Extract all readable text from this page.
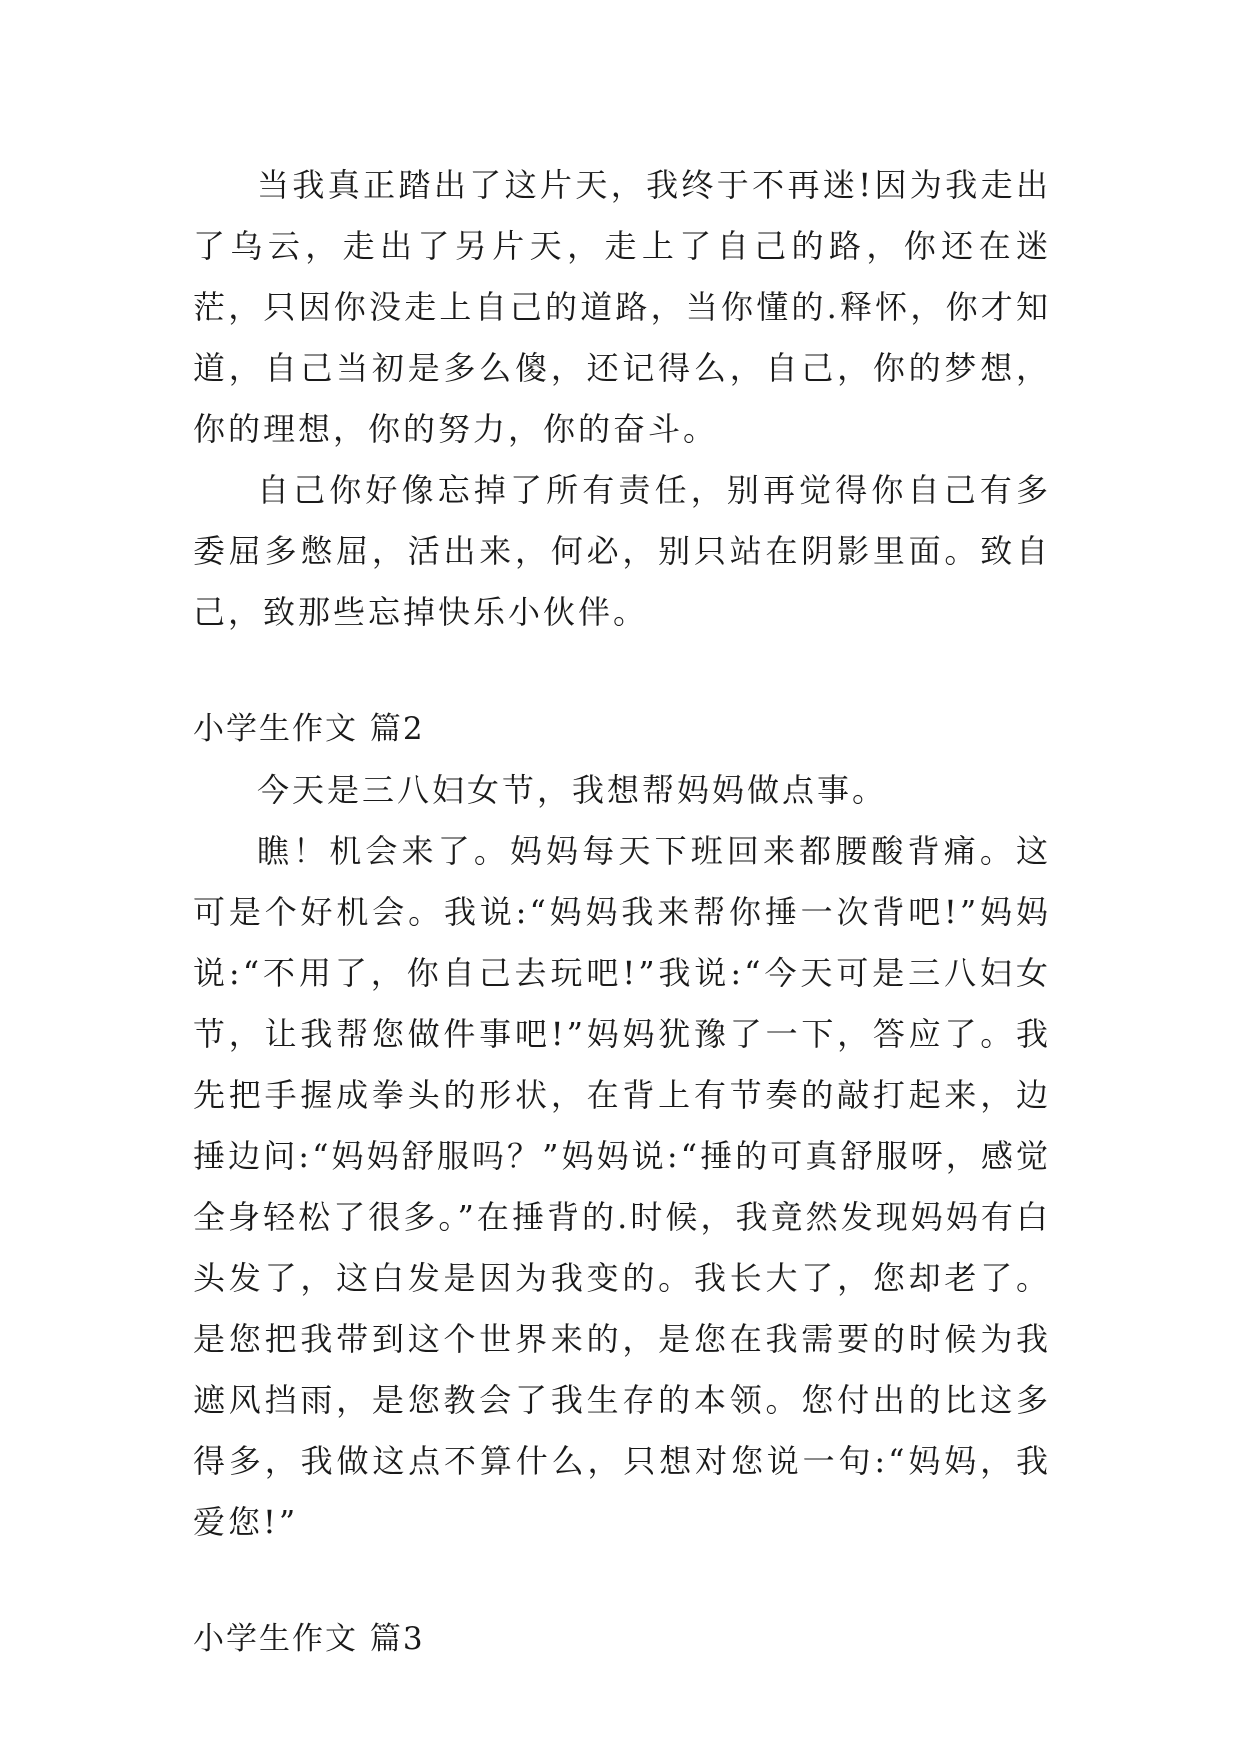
当我真正踏出了这片天，我终于不再迷!因为我走出了乌云，走出了另片天，走上了自己的路，你还在迷茫，只因你没走上自己的道路，当你懂的.释怀，你才知道，自己当初是多么傻，还记得么，自己，你的梦想，你的理想，你的努力，你的奋斗。

自己你好像忘掉了所有责任，别再觉得你自己有多委屈多憋屈，活出来，何必，别只站在阴影里面。致自己，致那些忘掉快乐小伙伴。

小学生作文 篇2

今天是三八妇女节，我想帮妈妈做点事。

瞧！机会来了。妈妈每天下班回来都腰酸背痛。这可是个好机会。我说:“妈妈我来帮你捶一次背吧!”妈妈说:“不用了，你自己去玩吧!”我说:“今天可是三八妇女节，让我帮您做件事吧!”妈妈犹豫了一下，答应了。我先把手握成拳头的形状，在背上有节奏的敲打起来，边捶边问:“妈妈舒服吗？”妈妈说:“捶的可真舒服呀，感觉全身轻松了很多。”在捶背的.时候，我竟然发现妈妈有白头发了，这白发是因为我变的。我长大了，您却老了。是您把我带到这个世界来的，是您在我需要的时候为我遮风挡雨，是您教会了我生存的本领。您付出的比这多得多，我做这点不算什么，只想对您说一句:“妈妈，我爱您!”

小学生作文 篇3
